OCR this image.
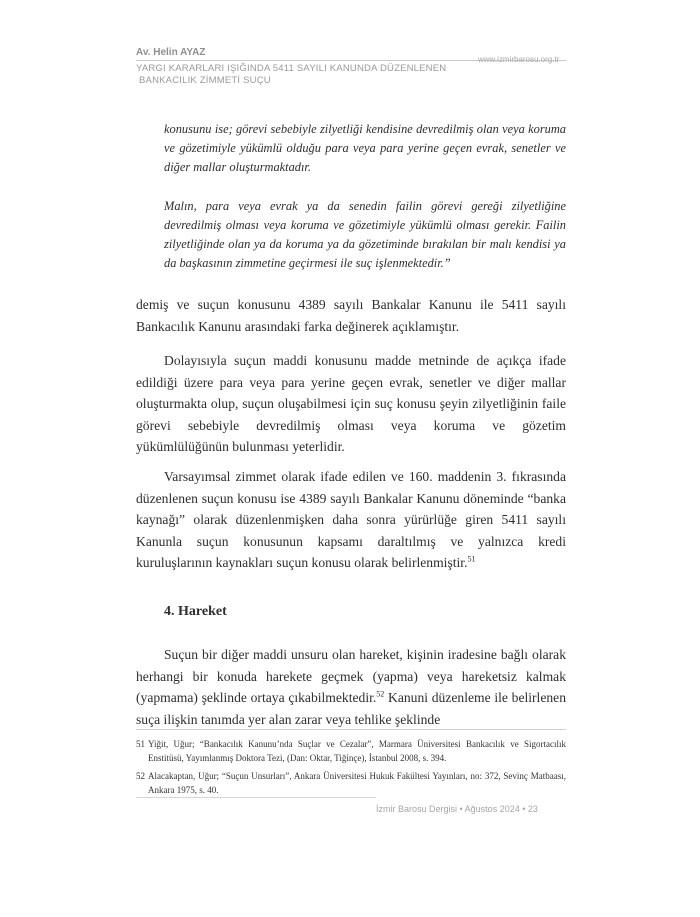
Av. Helin AYAZ
YARGI KARARLARI IŞIĞINDA 5411 SAYILI KANUNDA DÜZENLENEN
BANKACILIK ZİMMETİ SUÇU
www.izmirbarosu.org.tr
konusunu ise; görevi sebebiyle zilyetliği kendisine devredilmiş olan veya koruma ve gözetimiyle yükümlü olduğu para veya para yerine geçen evrak, senetler ve diğer mallar oluşturmaktadır.
Malın, para veya evrak ya da senedin failin görevi gereği zilyetliğine devredilmiş olması veya koruma ve gözetimiyle yükümlü olması gerekir. Failin zilyetliğinde olan ya da koruma ya da gözetiminde bırakılan bir malı kendisi ya da başkasının zimmetine geçirmesi ile suç işlenmektedir.”
demiş ve suçun konusunu 4389 sayılı Bankalar Kanunu ile 5411 sayılı Bankacılık Kanunu arasındaki farka değinerek açıklamıştır.
Dolayısıyla suçun maddi konusunu madde metninde de açıkça ifade edildiği üzere para veya para yerine geçen evrak, senetler ve diğer mallar oluşturmakta olup, suçun oluşabilmesi için suç konusu şeyin zilyetliğinin faile görevi sebebiyle devredilmiş olması veya koruma ve gözetim yükümlülüğünün bulunması yeterlidir.
Varsayımsal zimmet olarak ifade edilen ve 160. maddenin 3. fıkrasında düzenlenen suçun konusu ise 4389 sayılı Bankalar Kanunu döneminde “banka kaynağı” olarak düzenlenmişken daha sonra yürürlüğe giren 5411 sayılı Kanunla suçun konusunun kapsamı daraltılmış ve yalnızca kredi kuruluşlarının kaynakları suçun konusu olarak belirlenmiştir.$^{51}$
4. Hareket
Suçun bir diğer maddi unsuru olan hareket, kişinin iradesine bağlı olarak herhangi bir konuda harekete geçmek (yapma) veya hareketsiz kalmak (yapmama) şeklinde ortaya çıkabilmektedir.$^{52}$ Kanuni düzenleme ile belirlenen suça ilişkin tanımda yer alan zarar veya tehlike şeklinde
51 Yiğit, Uğur; “Bankacılık Kanunu’nda Suçlar ve Cezalar”, Marmara Üniversitesi Bankacılık ve Sigortacılık Enstitüsü, Yayımlanmış Doktora Tezi, (Dan: Oktar, Tiğinçe), İstanbul 2008, s. 394.
52 Alacakaptan, Uğur; “Suçun Unsurları”, Ankara Üniversitesi Hukuk Fakültesi Yayınları, no: 372, Sevinç Matbaası, Ankara 1975, s. 40.
İzmir Barosu Dergisi • Ağustos 2024 • 23
